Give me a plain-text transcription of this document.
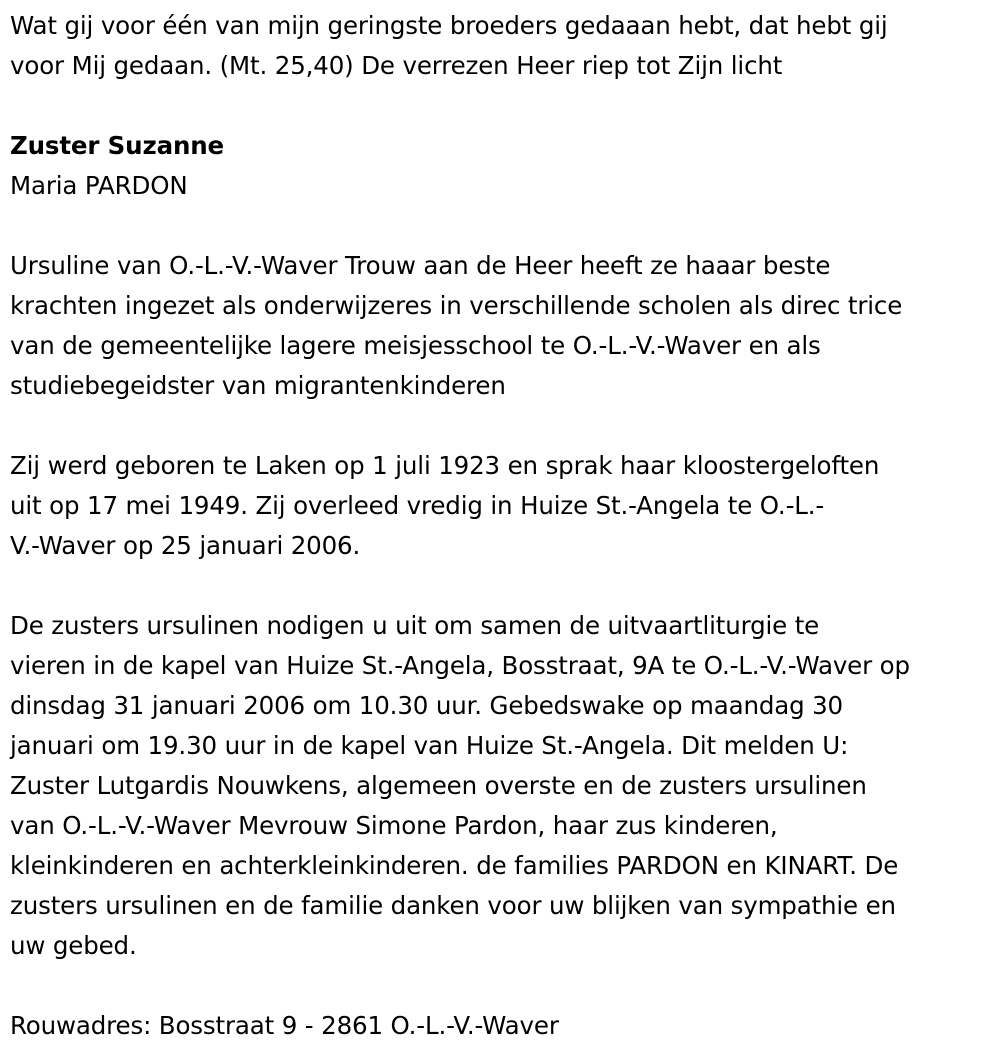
Wat gij voor één van mijn geringste broeders gedaaan hebt, dat hebt gij
voor Mij gedaan. (Mt. 25,40) De verrezen Heer riep tot Zijn licht

Zuster Suzanne

Maria PARDON

Ursuline van O.-L.-V.-Waver Trouw aan de Heer heeft ze haaar beste
krachten ingezet als onderwijzeres in verschillende scholen als direc trice
van de gemeentelijke lagere meisjesschool te O.-L.-V.-Waver en als
studiebegeidster van migrantenkinderen

Zij werd geboren te Laken op 1 juli 1923 en sprak haar kloostergeloften
uit op 17 mei 1949. Zij overleed vredig in Huize St.-Angela te O.-L.-
V.-Waver op 25 januari 2006.

De zusters ursulinen nodigen u uit om samen de uitvaartliturgie te
vieren in de kapel van Huize St.-Angela, Bosstraat, 9A te O.-L.-V.-Waver op
dinsdag 31 januari 2006 om 10.30 uur. Gebedswake op maandag 30
januari om 19.30 uur in de kapel van Huize St.-Angela. Dit melden U:
Zuster Lutgardis Nouwkens, algemeen overste en de zusters ursulinen
van O.-L.-V.-Waver Mevrouw Simone Pardon, haar zus kinderen,
kleinkinderen en achterkleinkinderen. de families PARDON en KINART. De
zusters ursulinen en de familie danken voor uw blijken van sympathie en
uw gebed.

Rouwadres: Bosstraat 9 - 2861 O.-L.-V.-Waver
